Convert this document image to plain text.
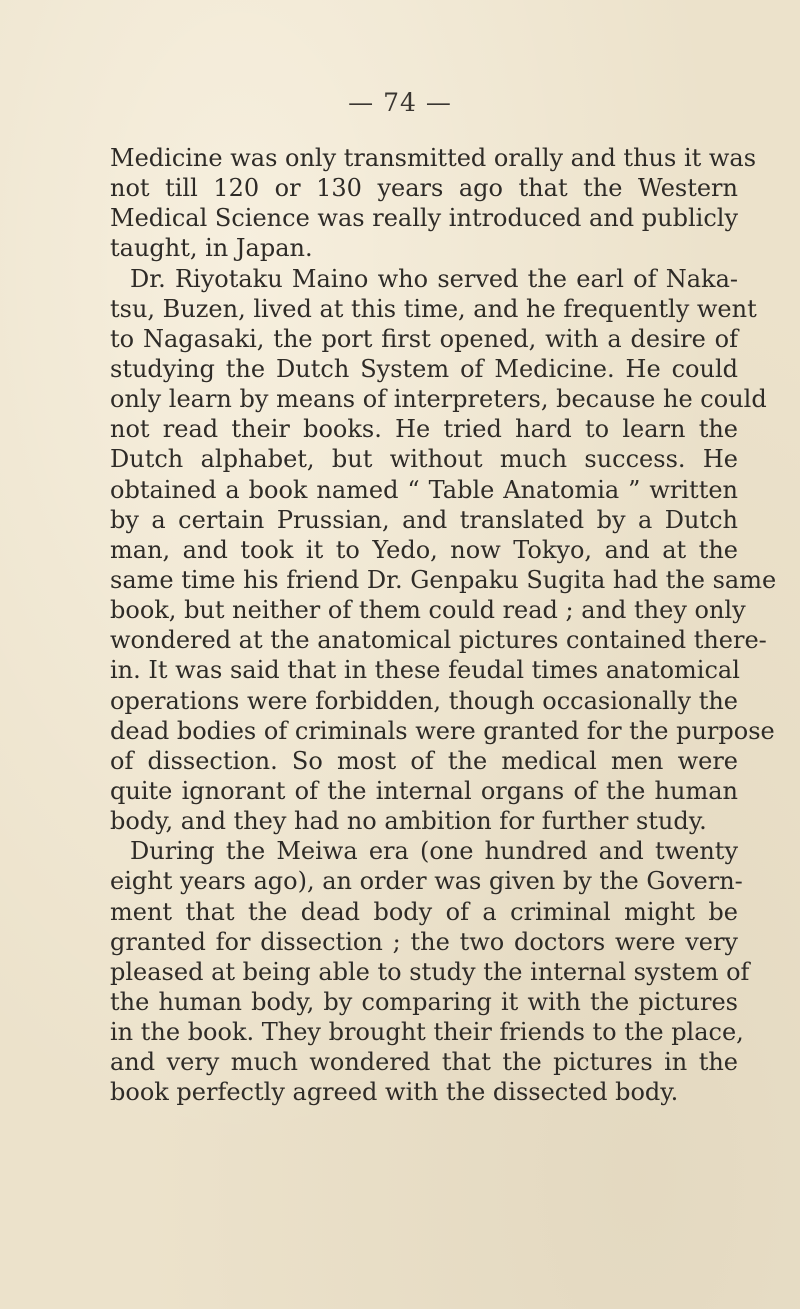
— 74 —
Medicine was only transmitted orally and thus it was
not till 120 or 130 years ago that the Western
Medical Science was really introduced and publicly
taught, in Japan.
Dr. Riyotaku Maino who served the earl of Naka-
tsu, Buzen, lived at this time, and he frequently went
to Nagasaki, the port first opened, with a desire of
studying the Dutch System of Medicine. He could
only learn by means of interpreters, because he could
not read their books. He tried hard to learn the
Dutch alphabet, but without much success. He
obtained a book named “ Table Anatomia ” written
by a certain Prussian, and translated by a Dutch
man, and took it to Yedo, now Tokyo, and at the
same time his friend Dr. Genpaku Sugita had the same
book, but neither of them could read ; and they only
wondered at the anatomical pictures contained there-
in. It was said that in these feudal times anatomical
operations were forbidden, though occasionally the
dead bodies of criminals were granted for the purpose
of dissection. So most of the medical men were
quite ignorant of the internal organs of the human
body, and they had no ambition for further study.
During the Meiwa era (one hundred and twenty
eight years ago), an order was given by the Govern-
ment that the dead body of a criminal might be
granted for dissection ; the two doctors were very
pleased at being able to study the internal system of
the human body, by comparing it with the pictures
in the book. They brought their friends to the place,
and very much wondered that the pictures in the
book perfectly agreed with the dissected body.
